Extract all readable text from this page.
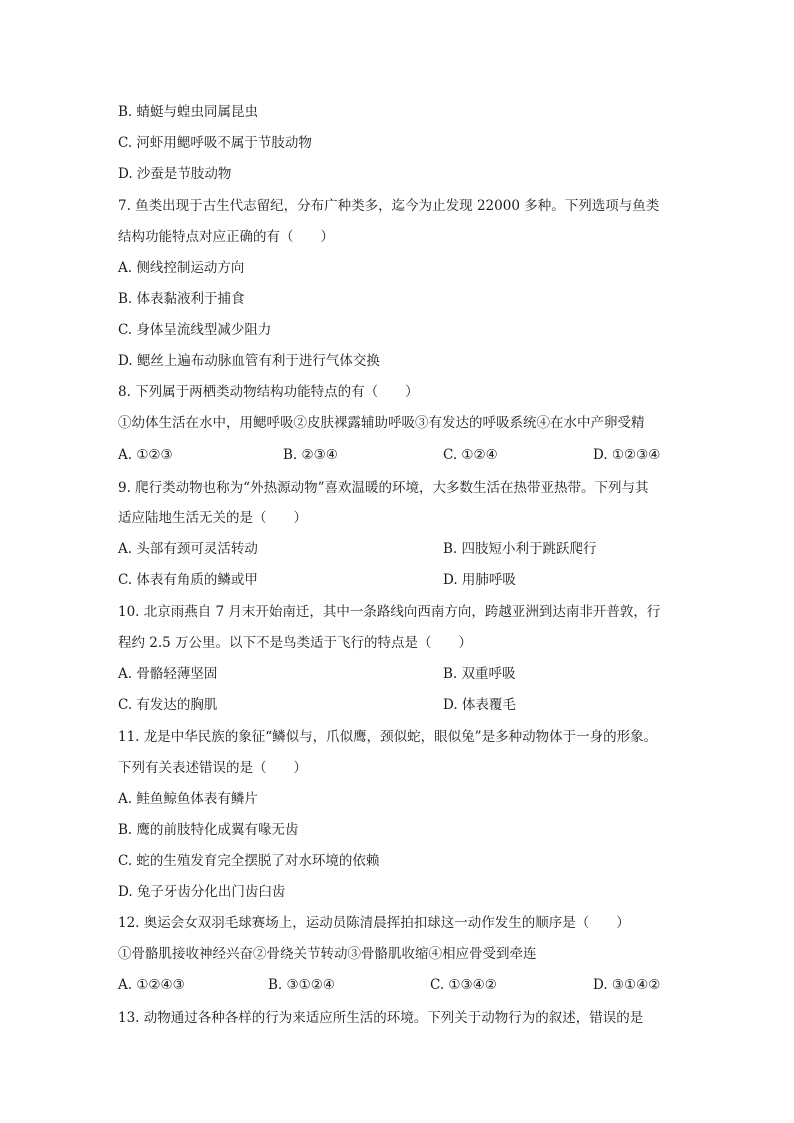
B. 蜻蜓与蝗虫同属昆虫
C. 河虾用鳃呼吸不属于节肢动物
D. 沙蚕是节肢动物
7. 鱼类出现于古生代志留纪，分布广种类多，迄今为止发现 22000 多种。下列选项与鱼类
结构功能特点对应正确的有（　　）
A. 侧线控制运动方向
B. 体表黏液利于捕食
C. 身体呈流线型减少阻力
D. 鳃丝上遍布动脉血管有利于进行气体交换
8. 下列属于两栖类动物结构功能特点的有（　　）
①幼体生活在水中，用鳃呼吸②皮肤裸露辅助呼吸③有发达的呼吸系统④在水中产卵受精
A. ①②③	B. ②③④	C. ①②④	D. ①②③④
9. 爬行类动物也称为“外热源动物”喜欢温暖的环境，大多数生活在热带亚热带。下列与其
适应陆地生活无关的是（　　）
A. 头部有颈可灵活转动	B. 四肢短小利于跳跃爬行
C. 体表有角质的鳞或甲	D. 用肺呼吸
10. 北京雨燕自 7 月末开始南迁，其中一条路线向西南方向，跨越亚洲到达南非开普敦，行
程约 2.5 万公里。以下不是鸟类适于飞行的特点是（　　）
A. 骨骼轻薄坚固	B. 双重呼吸
C. 有发达的胸肌	D. 体表覆毛
11. 龙是中华民族的象征“鳞似与，爪似鹰，颈似蛇，眼似兔”是多种动物体于一身的形象。
下列有关表述错误的是（　　）
A. 鲑鱼鲸鱼体表有鳞片
B. 鹰的前肢特化成翼有喙无齿
C. 蛇的生殖发育完全摆脱了对水环境的依赖
D. 兔子牙齿分化出门齿臼齿
12. 奥运会女双羽毛球赛场上，运动员陈清晨挥拍扣球这一动作发生的顺序是（　　）
①骨骼肌接收神经兴奋②骨绕关节转动③骨骼肌收缩④相应骨受到牵连
A. ①②④③	B. ③①②④	C. ①③④②	D. ③①④②
13. 动物通过各种各样的行为来适应所生活的环境。下列关于动物行为的叙述，错误的是
